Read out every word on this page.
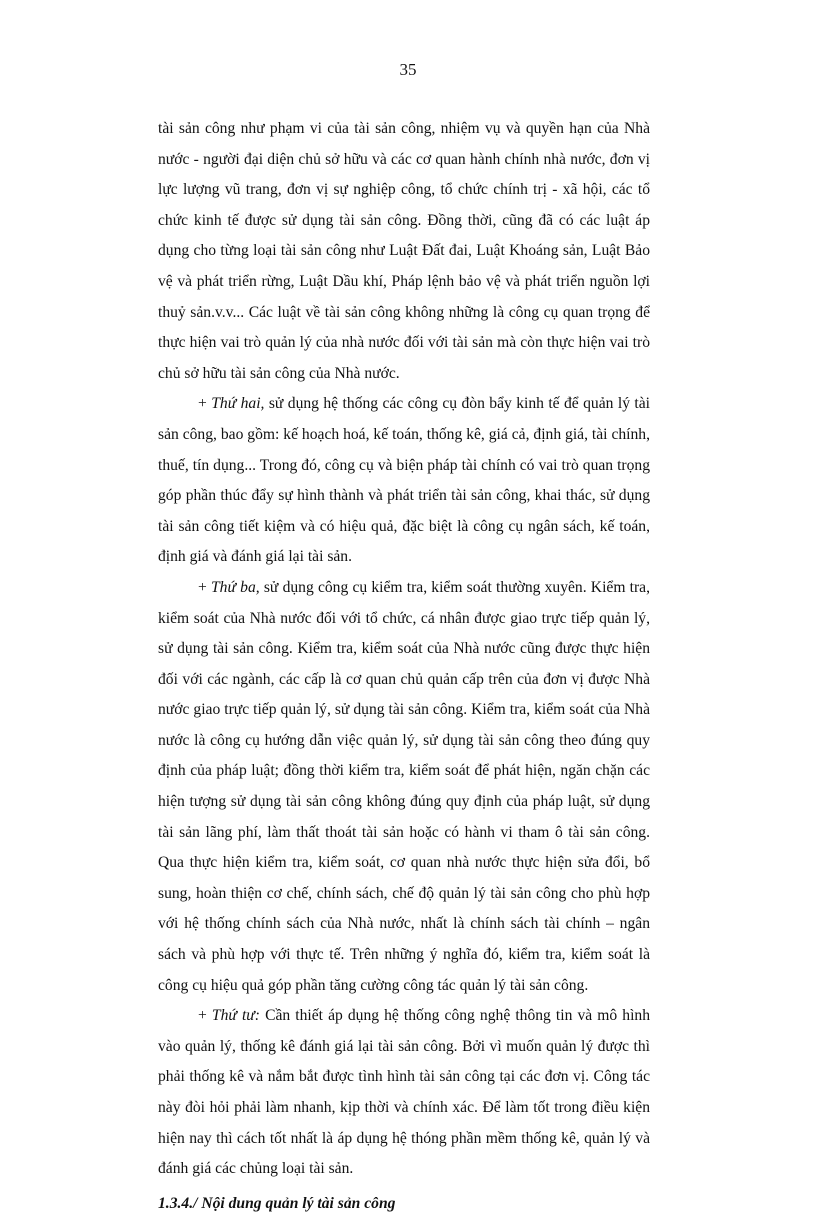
35

tài sản công như phạm vi của tài sản công, nhiệm vụ và quyền hạn của Nhà nước - người đại diện chủ sở hữu và các cơ quan hành chính nhà nước, đơn vị lực lượng vũ trang, đơn vị sự nghiệp công, tổ chức chính trị - xã hội, các tổ chức kinh tế được sử dụng tài sản công. Đồng thời, cũng đã có các luật áp dụng cho từng loại tài sản công như Luật Đất đai, Luật Khoáng sản, Luật Bảo vệ và phát triển rừng, Luật Dầu khí, Pháp lệnh bảo vệ và phát triển nguồn lợi thuỷ sản.v.v... Các luật về tài sản công không những là công cụ quan trọng để thực hiện vai trò quản lý của nhà nước đối với tài sản mà còn thực hiện vai trò chủ sở hữu tài sản công của Nhà nước.

+ Thứ hai, sử dụng hệ thống các công cụ đòn bẩy kinh tế để quản lý tài sản công, bao gồm: kế hoạch hoá, kế toán, thống kê, giá cả, định giá, tài chính, thuế, tín dụng... Trong đó, công cụ và biện pháp tài chính có vai trò quan trọng góp phần thúc đẩy sự hình thành và phát triển tài sản công, khai thác, sử dụng tài sản công tiết kiệm và có hiệu quả, đặc biệt là công cụ ngân sách, kế toán, định giá và đánh giá lại tài sản.

+ Thứ ba, sử dụng công cụ kiểm tra, kiểm soát thường xuyên. Kiểm tra, kiểm soát của Nhà nước đối với tổ chức, cá nhân được giao trực tiếp quản lý, sử dụng tài sản công. Kiểm tra, kiểm soát của Nhà nước cũng được thực hiện đối với các ngành, các cấp là cơ quan chủ quản cấp trên của đơn vị được Nhà nước giao trực tiếp quản lý, sử dụng tài sản công. Kiểm tra, kiểm soát của Nhà nước là công cụ hướng dẫn việc quản lý, sử dụng tài sản công theo đúng quy định của pháp luật; đồng thời kiểm tra, kiểm soát để phát hiện, ngăn chặn các hiện tượng sử dụng tài sản công không đúng quy định của pháp luật, sử dụng tài sản lãng phí, làm thất thoát tài sản hoặc có hành vi tham ô tài sản công. Qua thực hiện kiểm tra, kiểm soát, cơ quan nhà nước thực hiện sửa đổi, bổ sung, hoàn thiện cơ chế, chính sách, chế độ quản lý tài sản công cho phù hợp với hệ thống chính sách của Nhà nước, nhất là chính sách tài chính – ngân sách và phù hợp với thực tế. Trên những ý nghĩa đó, kiểm tra, kiểm soát là công cụ hiệu quả góp phần tăng cường công tác quản lý tài sản công.

+ Thứ tư: Cần thiết áp dụng hệ thống công nghệ thông tin và mô hình vào quản lý, thống kê đánh giá lại tài sản công. Bởi vì muốn quản lý được thì phải thống kê và nắm bắt được tình hình tài sản công tại các đơn vị. Công tác này đòi hỏi phải làm nhanh, kịp thời và chính xác. Để làm tốt trong điều kiện hiện nay thì cách tốt nhất là áp dụng hệ thóng phần mềm thống kê, quản lý và đánh giá các chủng loại tài sản.

1.3.4./ Nội dung quản lý tài sản công
